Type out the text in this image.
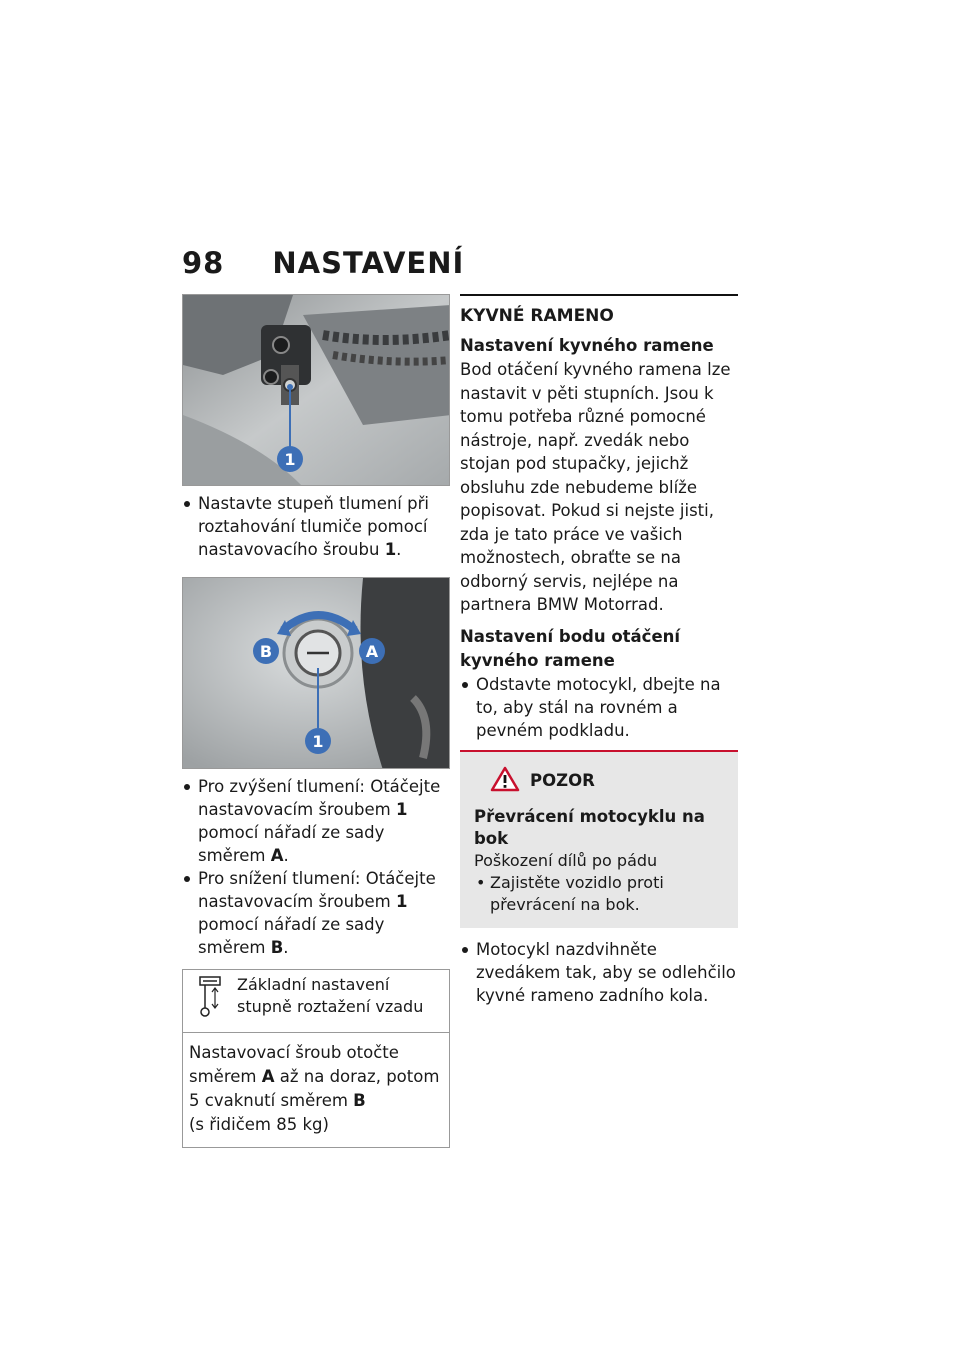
98 NASTAVENÍ
1
Nastavte stupeň tlumení při roztahování tlumiče pomocí nastavovacího šroubu 1.
B	A
1
Pro zvýšení tlumení: Otáčejte nastavovacím šroubem 1 pomocí nářadí ze sady směrem A.
Pro snížení tlumení: Otáčejte nastavovacím šroubem 1 pomocí nářadí ze sady směrem B.
Základní nastavení stupně roztažení vzadu
Nastavovací šroub otočte směrem A až na doraz, potom 5 cvaknutí směrem B
(s řidičem 85 kg)
KYVNÉ RAMENO
Nastavení kyvného ramene
Bod otáčení kyvného ramena lze nastavit v pěti stupních. Jsou k tomu potřeba různé pomocné nástroje, např. zvedák nebo stojan pod stupačky, jejichž obsluhu zde nebudeme blíže popisovat. Pokud si nejste jisti, zda je tato práce ve vašich možnostech, obraťte se na odborný servis, nejlépe na partnera BMW Motorrad.
Nastavení bodu otáčení kyvného ramene
Odstavte motocykl, dbejte na to, aby stál na rovném a pevném podkladu.
POZOR
Převrácení motocyklu na bok
Poškození dílů po pádu
• Zajistěte vozidlo proti převrácení na bok.
Motocykl nazdvihněte zvedákem tak, aby se odlehčilo kyvné rameno zadního kola.
